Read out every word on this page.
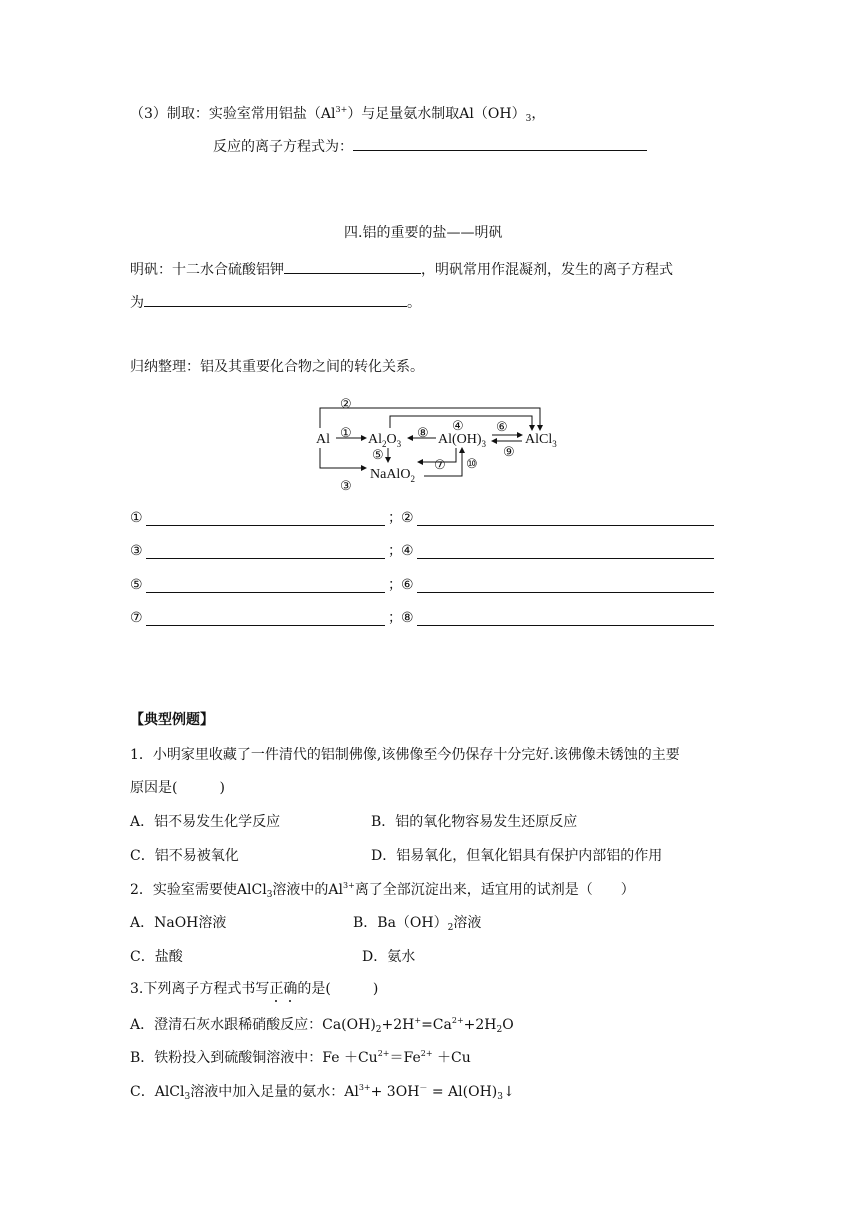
（3）制取：实验室常用铝盐$(Al^{3+})$与足量氨水制取$Al(OH)_3$，
反应的离子方程式为：
四.铝的重要的盐——明矾
明矾：十二水合硫酸铝钾	，明矾常用作混凝剂，发生的离子方程式
为	。
归纳整理：铝及其重要化合物之间的转化关系。
Al	$Al_2O_3$	$Al(OH)_3$	AlCl$_3$
NaAlO$_2$
②
①	⑧ ④ ⑥
⑨
⑤
⑦ ⑩
③
①	； ②
③	； ④
⑤	； ⑥
⑦	； ⑧
【典型例题】
1．小明家里收藏了一件清代的铝制佛像,该佛像至今仍保存十分完好.该佛像未锈蚀的主要
原因是(　　　)
A．铝不易发生化学反应	B．铝的氧化物容易发生还原反应
C．铝不易被氧化	D．铝易氧化，但氧化铝具有保护内部铝的作用
2．实验室需要使AlCl$_3$溶液中的$Al^{3+}$离了全部沉淀出来，适宜用的试剂是（　　）
A．NaOH溶液	B．$Ba(OH)_2$溶液
C．盐酸	D．氨水
3.下列离子方程式书写正确的是(　　　)
A．澄清石灰水跟稀硝酸反应：$Ca(OH)_2+2H^+=Ca^{2+}+2H_2O$
B．铁粉投入到硫酸铜溶液中：$Fe +Cu^{2+}=Fe^{2+} +Cu$
C．AlCl$_3$溶液中加入足量的氨水：$Al^{3+}+ 3OH^-$ = $Al(OH)_3↓$
